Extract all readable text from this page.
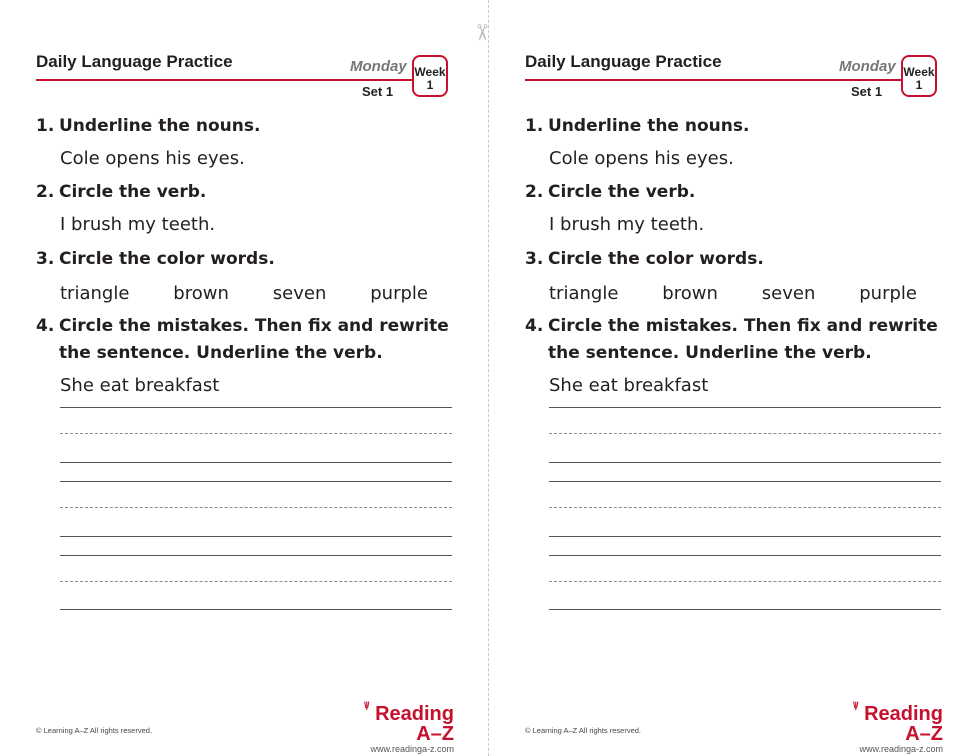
✂
Daily Language Practice	Monday
Set 1
Week
1
1. Underline the nouns.
Cole opens his eyes.
2. Circle the verb.
I brush my teeth.
3. Circle the color words.
triangle brown seven purple
4. Circle the mistakes. Then fix and rewrite
the sentence. Underline the verb.
She eat breakfast
© Learning A–Z All rights reserved.
\|/ Reading A–Z
www.readinga-z.com
Daily Language Practice	Monday
Set 1
Week
1
1. Underline the nouns.
Cole opens his eyes.
2. Circle the verb.
I brush my teeth.
3. Circle the color words.
triangle brown seven purple
4. Circle the mistakes. Then fix and rewrite
the sentence. Underline the verb.
She eat breakfast
© Learning A–Z All rights reserved.
\|/ Reading A–Z
www.readinga-z.com
